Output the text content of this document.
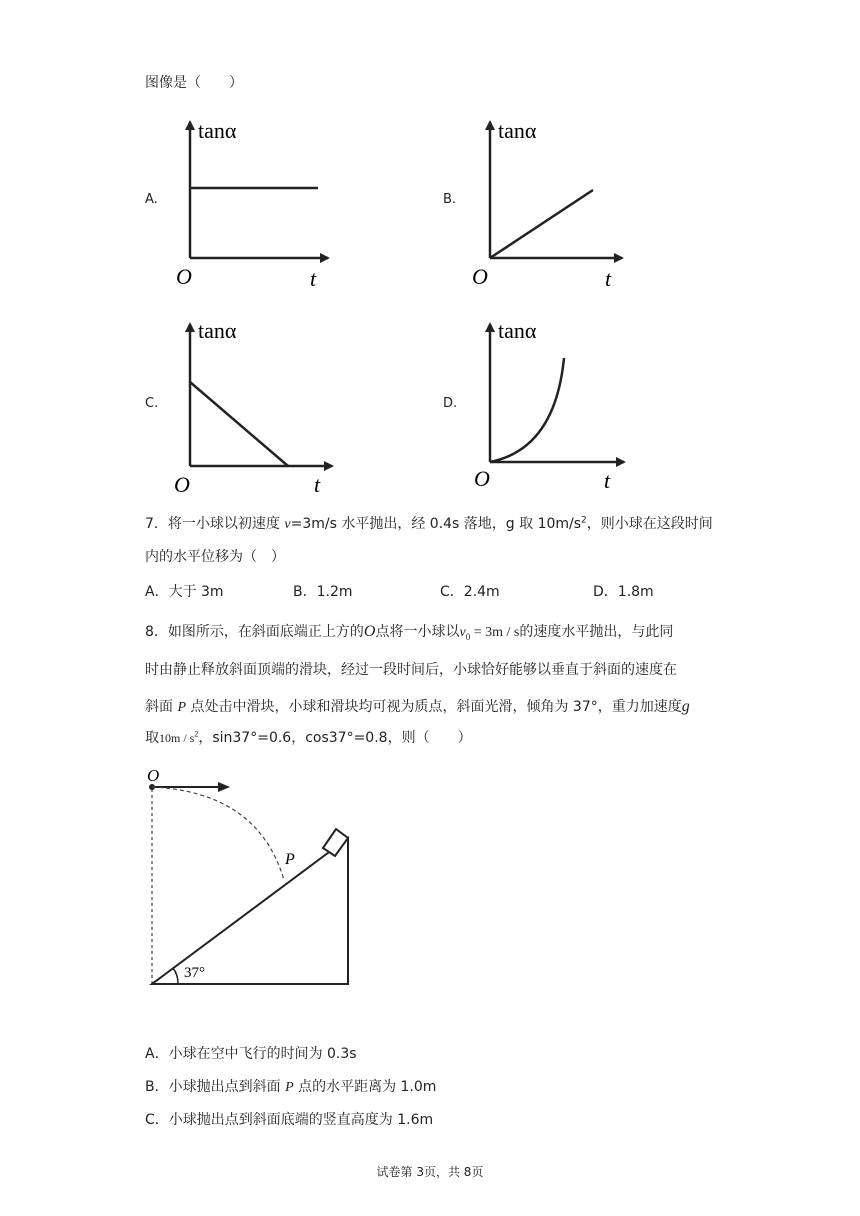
图像是（　　）
A.
tanα
O	t
B.
tanα
O	t
C.
tanα
O	t
D.
tanα
O	t
7．将一小球以初速度 v=3m/s 水平抛出，经 0.4s 落地，g 取 $10m/s^2$，则小球在这段时间
内的水平位移为（　）
A．大于 3m	B．1.2m	C．2.4m	D．1.8m
8．如图所示，在斜面底端正上方的O点将一小球以$v_0 = 3m / s$的速度水平抛出，与此同
时由静止释放斜面顶端的滑块，经过一段时间后，小球恰好能够以垂直于斜面的速度在
斜面 P 点处击中滑块，小球和滑块均可视为质点，斜面光滑，倾角为 37°，重力加速度g
取$10m / s^2$，sin37°=0.6，cos37°=0.8，则（　　）
O
P
37°
A．小球在空中飞行的时间为 0.3s
B．小球抛出点到斜面 P 点的水平距离为 1.0m
C．小球抛出点到斜面底端的竖直高度为 1.6m
试卷第 3页，共 8页
